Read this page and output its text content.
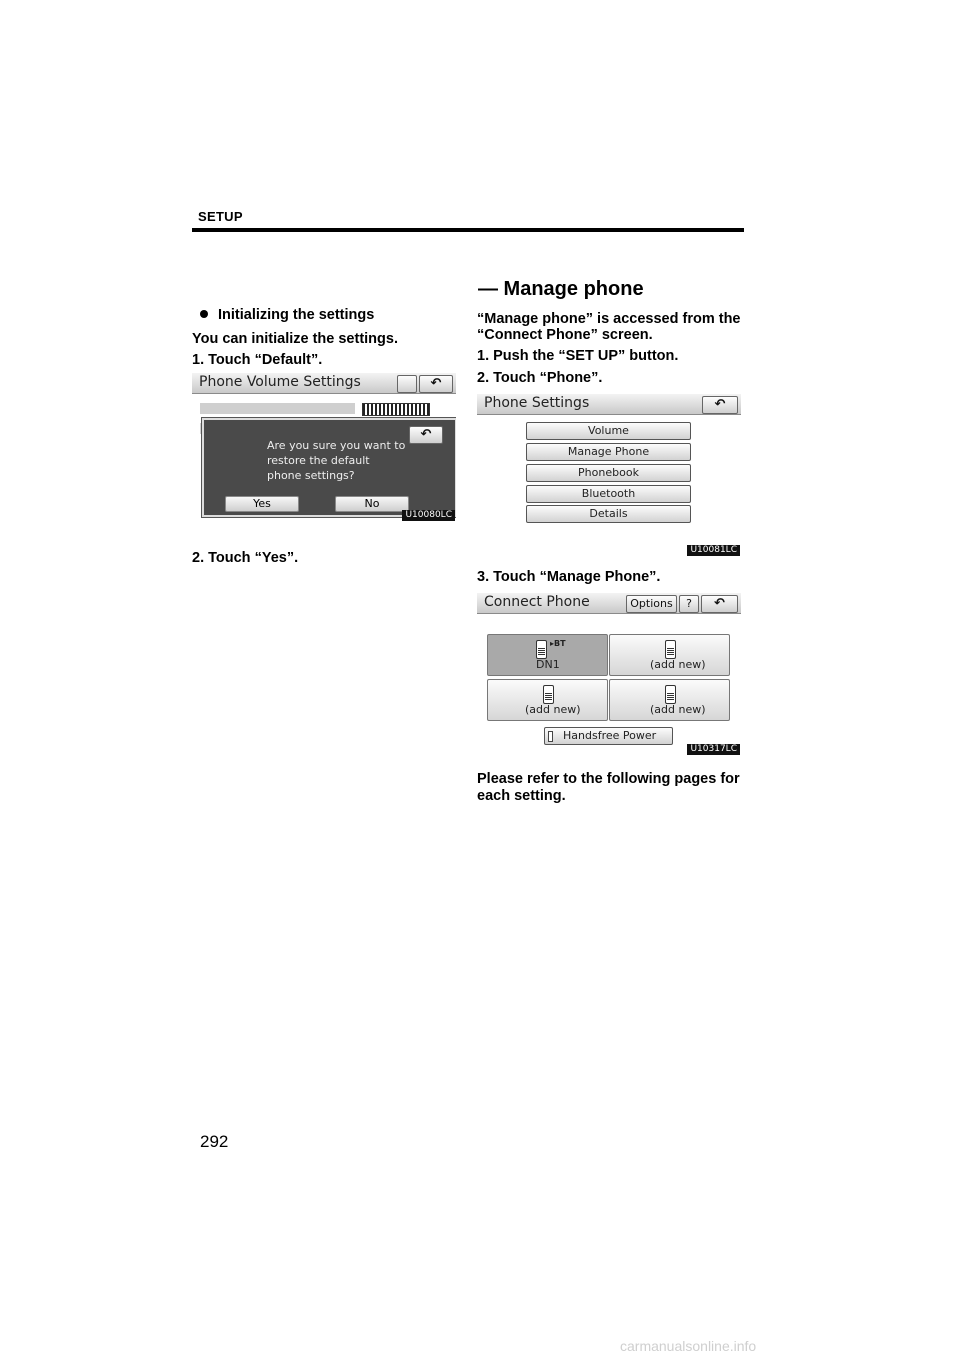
SETUP
— Manage phone
Initializing the settings
You can initialize the settings.
1. Touch “Default”.
Phone Volume Settings	↶
↶
Are you sure you want to
restore the default
phone settings?
Yes	No
U10080LC
2. Touch “Yes”.
“Manage phone” is accessed from the
“Connect Phone” screen.
1. Push the “SET UP” button.
2. Touch “Phone”.
Phone Settings	↶
Volume
Manage Phone
Phonebook
Bluetooth
Details
U10081LC
3. Touch “Manage Phone”.
Connect Phone	Options	?	↶
▸BT
DN1	(add new)
(add new)	(add new)
Handsfree Power
U10317LC
Please refer to the following pages for
each setting.
292
carmanualsonline.info
